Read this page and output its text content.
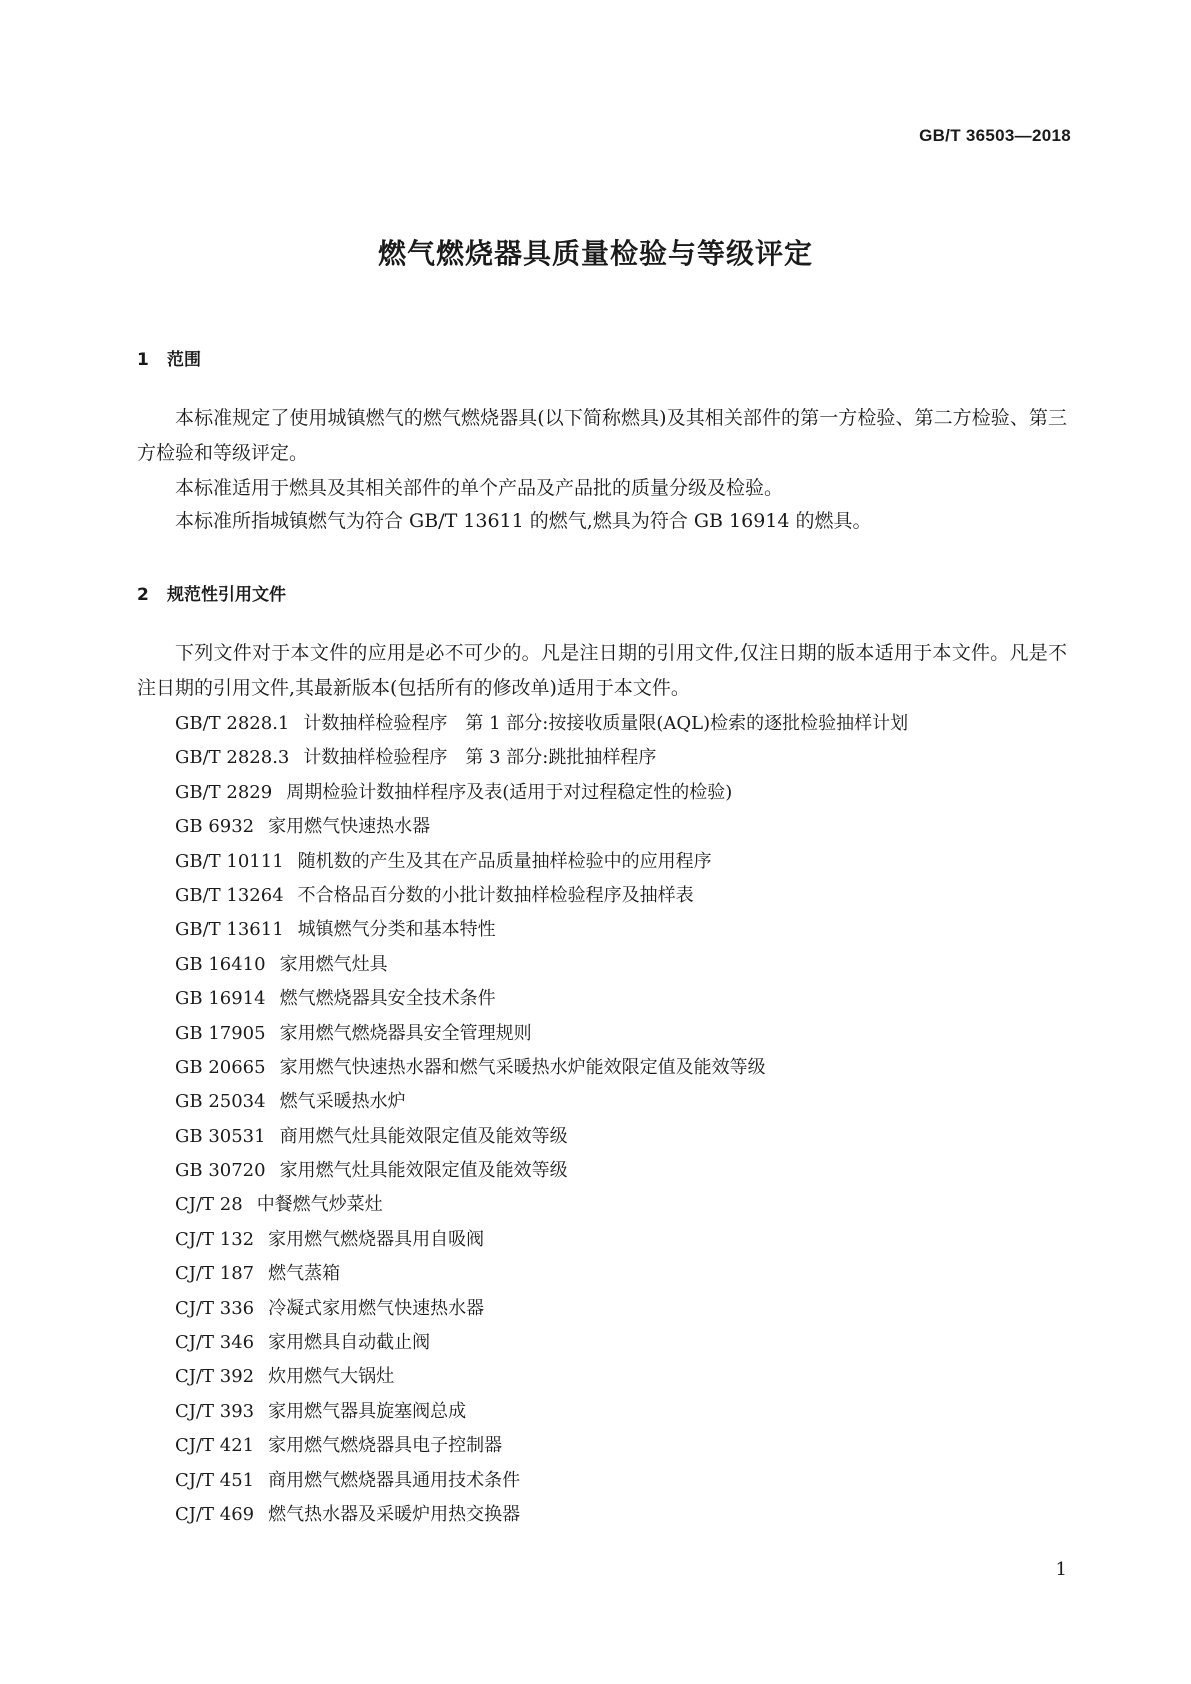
GB/T 36503—2018
燃气燃烧器具质量检验与等级评定
1 范围
本标准规定了使用城镇燃气的燃气燃烧器具(以下简称燃具)及其相关部件的第一方检验、第二方检验、第三方检验和等级评定。
本标准适用于燃具及其相关部件的单个产品及产品批的质量分级及检验。
本标准所指城镇燃气为符合 GB/T 13611 的燃气,燃具为符合 GB 16914 的燃具。
2 规范性引用文件
下列文件对于本文件的应用是必不可少的。凡是注日期的引用文件,仅注日期的版本适用于本文件。凡是不注日期的引用文件,其最新版本(包括所有的修改单)适用于本文件。
GB/T 2828.1 计数抽样检验程序　第 1 部分:按接收质量限(AQL)检索的逐批检验抽样计划
GB/T 2828.3 计数抽样检验程序　第 3 部分:跳批抽样程序
GB/T 2829 周期检验计数抽样程序及表(适用于对过程稳定性的检验)
GB 6932 家用燃气快速热水器
GB/T 10111 随机数的产生及其在产品质量抽样检验中的应用程序
GB/T 13264 不合格品百分数的小批计数抽样检验程序及抽样表
GB/T 13611 城镇燃气分类和基本特性
GB 16410 家用燃气灶具
GB 16914 燃气燃烧器具安全技术条件
GB 17905 家用燃气燃烧器具安全管理规则
GB 20665 家用燃气快速热水器和燃气采暖热水炉能效限定值及能效等级
GB 25034 燃气采暖热水炉
GB 30531 商用燃气灶具能效限定值及能效等级
GB 30720 家用燃气灶具能效限定值及能效等级
CJ/T 28 中餐燃气炒菜灶
CJ/T 132 家用燃气燃烧器具用自吸阀
CJ/T 187 燃气蒸箱
CJ/T 336 冷凝式家用燃气快速热水器
CJ/T 346 家用燃具自动截止阀
CJ/T 392 炊用燃气大锅灶
CJ/T 393 家用燃气器具旋塞阀总成
CJ/T 421 家用燃气燃烧器具电子控制器
CJ/T 451 商用燃气燃烧器具通用技术条件
CJ/T 469 燃气热水器及采暖炉用热交换器
1
